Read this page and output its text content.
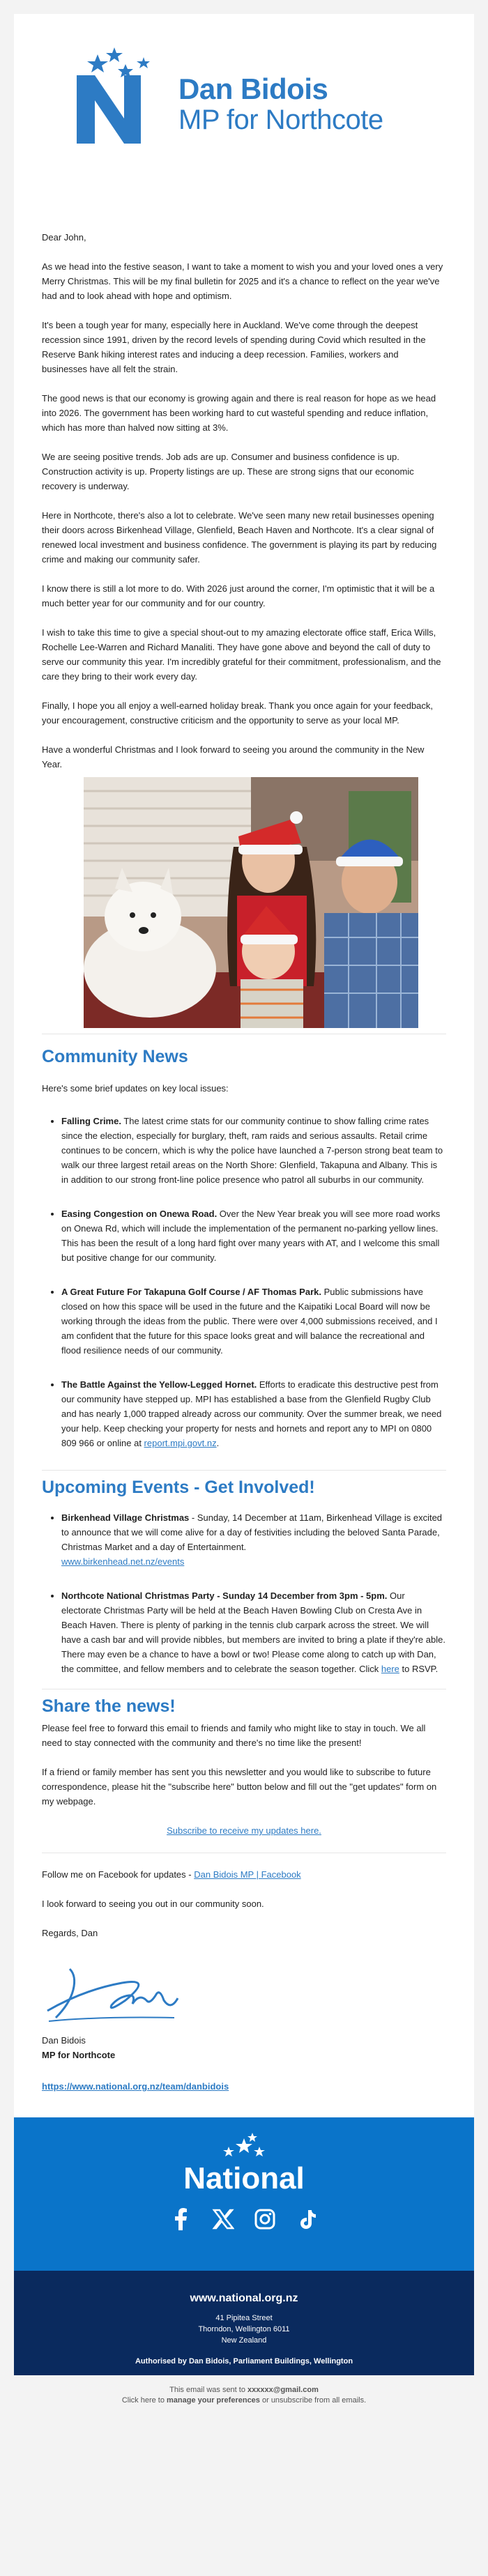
National
Dan Bidois
MP for Northcote

Dear John,

As we head into the festive season, I want to take a moment to wish you and your loved ones a very Merry Christmas. This will be my final bulletin for 2025 and it's a chance to reflect on the year we've had and to look ahead with hope and optimism.

It's been a tough year for many, especially here in Auckland. We've come through the deepest recession since 1991, driven by the record levels of spending during Covid which resulted in the Reserve Bank hiking interest rates and inducing a deep recession. Families, workers and businesses have all felt the strain.

The good news is that our economy is growing again and there is real reason for hope as we head into 2026. The government has been working hard to cut wasteful spending and reduce inflation, which has more than halved now sitting at 3%.

We are seeing positive trends. Job ads are up. Consumer and business confidence is up. Construction activity is up. Property listings are up. These are strong signs that our economic recovery is underway.

Here in Northcote, there's also a lot to celebrate. We've seen many new retail businesses opening their doors across Birkenhead Village, Glenfield, Beach Haven and Northcote. It's a clear signal of renewed local investment and business confidence. The government is playing its part by reducing crime and making our community safer.

I know there is still a lot more to do. With 2026 just around the corner, I'm optimistic that it will be a much better year for our community and for our country.

I wish to take this time to give a special shout-out to my amazing electorate office staff, Erica Wills, Rochelle Lee-Warren and Richard Manaliti. They have gone above and beyond the call of duty to serve our community this year. I'm incredibly grateful for their commitment, professionalism, and the care they bring to their work every day.

Finally, I hope you all enjoy a well-earned holiday break. Thank you once again for your feedback, your encouragement, constructive criticism and the opportunity to serve as your local MP.

Have a wonderful Christmas and I look forward to seeing you around the community in the New Year.

Community News

Here's some brief updates on key local issues:

• Falling Crime. The latest crime stats for our community continue to show falling crime rates since the election, especially for burglary, theft, ram raids and serious assaults. Retail crime continues to be concern, which is why the police have launched a 7-person strong beat team to walk our three largest retail areas on the North Shore: Glenfield, Takapuna and Albany. This is in addition to our strong front-line police presence who patrol all suburbs in our community.
• Easing Congestion on Onewa Road. Over the New Year break you will see more road works on Onewa Rd, which will include the implementation of the permanent no-parking yellow lines. This has been the result of a long hard fight over many years with AT, and I welcome this small but positive change for our community.
• A Great Future For Takapuna Golf Course / AF Thomas Park. Public submissions have closed on how this space will be used in the future and the Kaipatiki Local Board will now be working through the ideas from the public. There were over 4,000 submissions received, and I am confident that the future for this space looks great and will balance the recreational and flood resilience needs of our community.
• The Battle Against the Yellow-Legged Hornet. Efforts to eradicate this destructive pest from our community have stepped up. MPI has established a base from the Glenfield Rugby Club and has nearly 1,000 trapped already across our community. Over the summer break, we need your help. Keep checking your property for nests and hornets and report any to MPI on 0800 809 966 or online at report.mpi.govt.nz.
Upcoming Events - Get Involved!
• Birkenhead Village Christmas - Sunday, 14 December at 11am, Birkenhead Village is excited to announce that we will come alive for a day of festivities including the beloved Santa Parade, Christmas Market and a day of Entertainment.
www.birkenhead.net.nz/events
• Northcote National Christmas Party - Sunday 14 December from 3pm - 5pm. Our electorate Christmas Party will be held at the Beach Haven Bowling Club on Cresta Ave in Beach Haven. There is plenty of parking in the tennis club carpark across the street. We will have a cash bar and will provide nibbles, but members are invited to bring a plate if they're able. There may even be a chance to have a bowl or two! Please come along to catch up with Dan, the committee, and fellow members and to celebrate the season together. Click here to RSVP.
Share the news!

Please feel free to forward this email to friends and family who might like to stay in touch. We all need to stay connected with the community and there's no time like the present!

If a friend or family member has sent you this newsletter and you would like to subscribe to future correspondence, please hit the "subscribe here" button below and fill out the "get updates" form on my webpage.

Subscribe to receive my updates here.

Follow me on Facebook for updates - Dan Bidois MP | Facebook

I look forward to seeing you out in our community soon.

Regards, Dan

Dan Bidois

MP for Northcote

https://www.national.org.nz/team/danbidois

National
www.national.org.nz
41 Pipitea Street
Thorndon, Wellington 6011
New Zealand
Authorised by Dan Bidois, Parliament Buildings, Wellington
This email was sent to xxxxxx@gmail.com
Click here to manage your preferences or unsubscribe from all emails.
